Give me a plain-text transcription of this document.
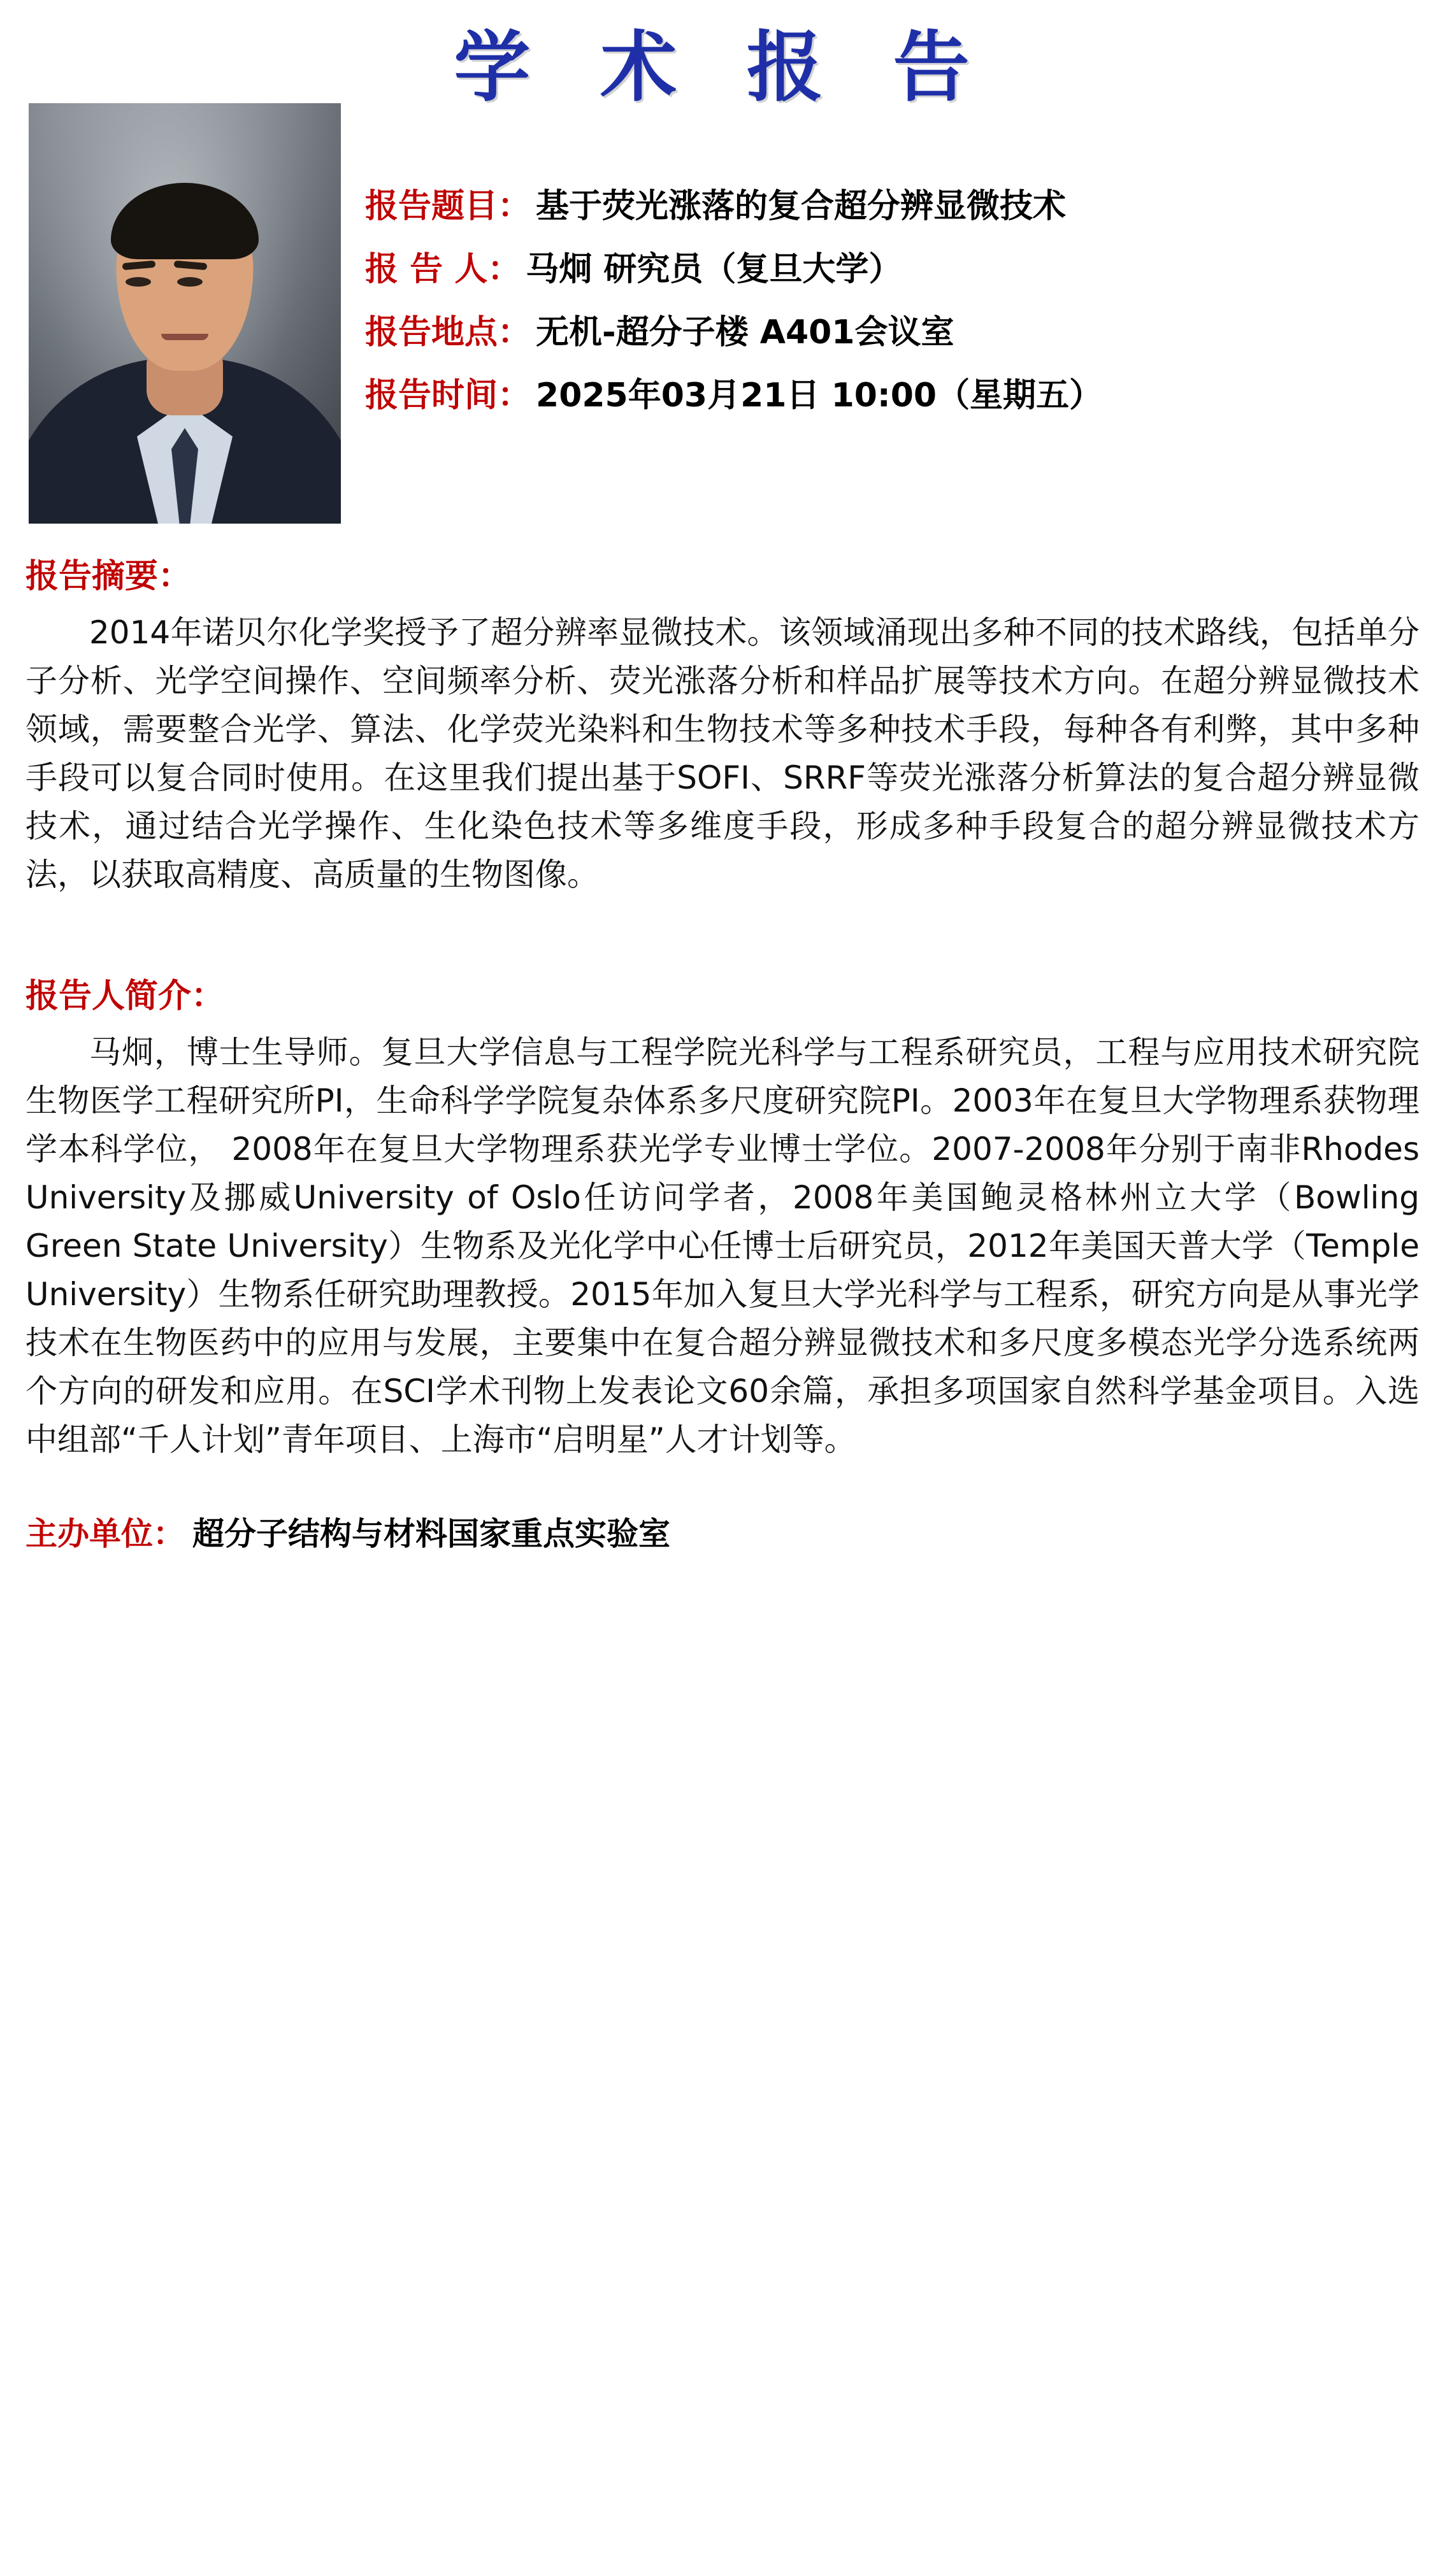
学 术 报 告
报告题目： 基于荧光涨落的复合超分辨显微技术
报 告 人： 马炯 研究员（复旦大学）
报告地点： 无机-超分子楼 A401会议室
报告时间： 2025年03月21日 10:00（星期五）
报告摘要：
2014年诺贝尔化学奖授予了超分辨率显微技术。该领域涌现出多种不同的技术路线，包括单分子分析、光学空间操作、空间频率分析、荧光涨落分析和样品扩展等技术方向。在超分辨显微技术领域，需要整合光学、算法、化学荧光染料和生物技术等多种技术手段，每种各有利弊，其中多种手段可以复合同时使用。在这里我们提出基于SOFI、SRRF等荧光涨落分析算法的复合超分辨显微技术，通过结合光学操作、生化染色技术等多维度手段，形成多种手段复合的超分辨显微技术方法，以获取高精度、高质量的生物图像。
报告人简介：
马炯，博士生导师。复旦大学信息与工程学院光科学与工程系研究员，工程与应用技术研究院生物医学工程研究所PI，生命科学学院复杂体系多尺度研究院PI。2003年在复旦大学物理系获物理学本科学位， 2008年在复旦大学物理系获光学专业博士学位。2007-2008年分别于南非Rhodes University及挪威University of Oslo任访问学者，2008年美国鲍灵格林州立大学（Bowling Green State University）生物系及光化学中心任博士后研究员，2012年美国天普大学（Temple University）生物系任研究助理教授。2015年加入复旦大学光科学与工程系，研究方向是从事光学技术在生物医药中的应用与发展，主要集中在复合超分辨显微技术和多尺度多模态光学分选系统两个方向的研发和应用。在SCI学术刊物上发表论文60余篇，承担多项国家自然科学基金项目。入选中组部“千人计划”青年项目、上海市“启明星”人才计划等。
主办单位： 超分子结构与材料国家重点实验室
